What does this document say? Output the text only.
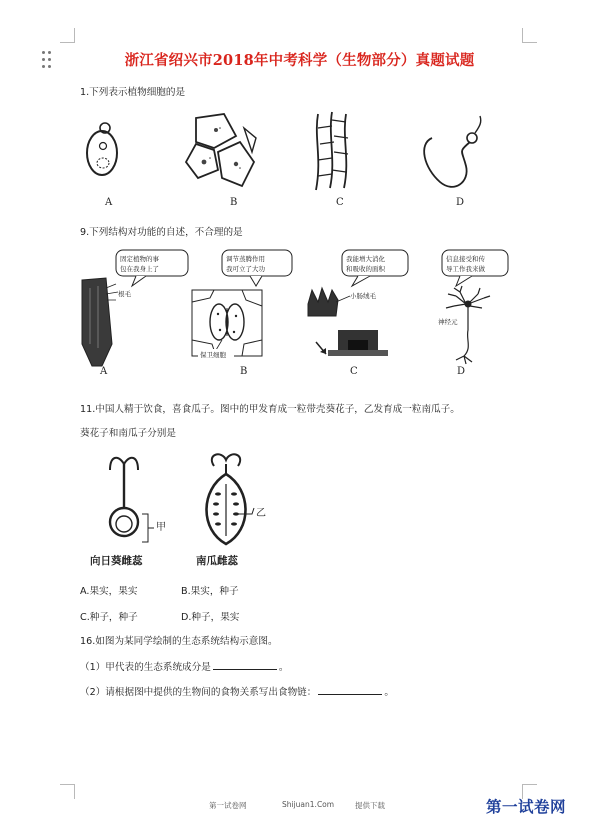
浙江省绍兴市2018年中考科学（生物部分）真题试题
1.下列表示植物细胞的是
A	B	C	D
9.下列结构对功能的自述，不合理的是
固定植物的事
包在我身上了
调节蒸腾作用
我可立了大功
我能增大消化
和吸收的面积
信息接受和传
导工作我来做
根毛
保卫细胞
小肠绒毛
神经元
A	B	C	D
11.中国人精于饮食，喜食瓜子。图中的甲发育成一粒带壳葵花子，乙发育成一粒南瓜子。
葵花子和南瓜子分别是
甲
乙
向日葵雌蕊	南瓜雌蕊
A.果实，果实	B.果实，种子
C.种子，种子	D.种子，果实
16.如图为某同学绘制的生态系统结构示意图。
（1）甲代表的生态系统成分是	。
（2）请根据图中提供的生物间的食物关系写出食物链：	。
第一试卷网	Shijuan1.Com	提供下载	第一试卷网
